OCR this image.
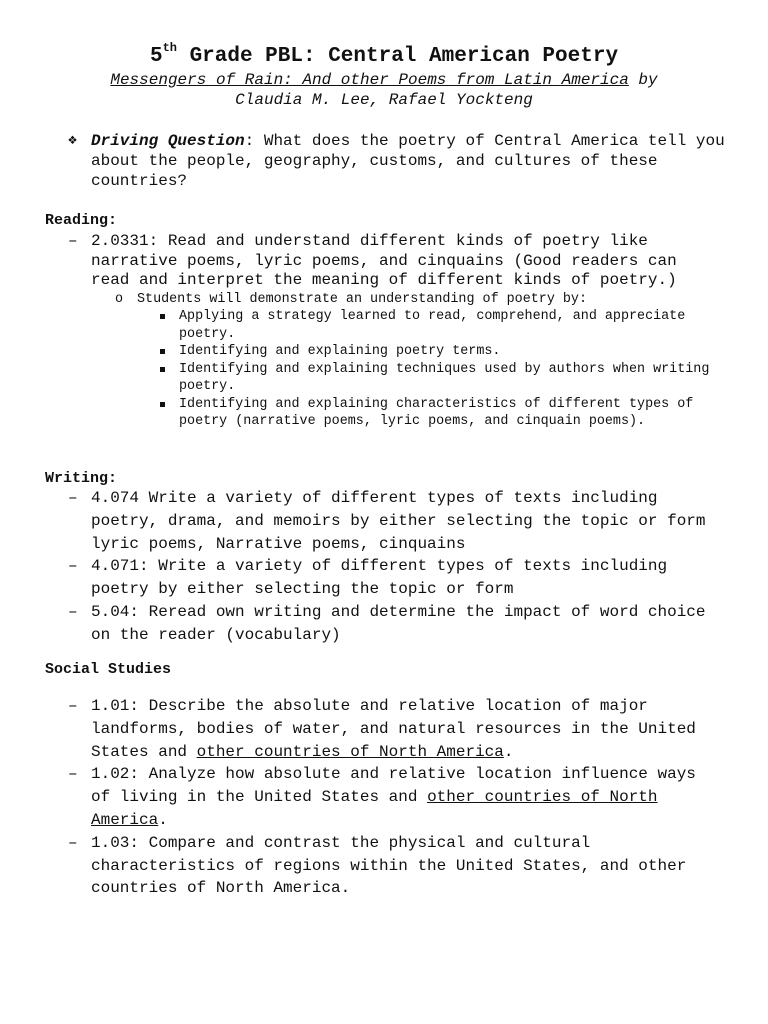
5th Grade PBL: Central American Poetry
Messengers of Rain: And other Poems from Latin America by
Claudia M. Lee, Rafael Yockteng
❖ Driving Question: What does the poetry of Central America tell you about the people, geography, customs, and cultures of these countries?
Reading:
– 2.0331: Read and understand different kinds of poetry like narrative poems, lyric poems, and cinquains (Good readers can read and interpret the meaning of different kinds of poetry.)
o Students will demonstrate an understanding of poetry by:
Applying a strategy learned to read, comprehend, and appreciate poetry.
Identifying and explaining poetry terms.
Identifying and explaining techniques used by authors when writing poetry.
Identifying and explaining characteristics of different types of poetry (narrative poems, lyric poems, and cinquain poems).
Writing:
– 4.074 Write a variety of different types of texts including poetry, drama, and memoirs by either selecting the topic or form lyric poems, Narrative poems, cinquains
– 4.071: Write a variety of different types of texts including poetry by either selecting the topic or form
– 5.04: Reread own writing and determine the impact of word choice on the reader (vocabulary)
Social Studies
– 1.01: Describe the absolute and relative location of major landforms, bodies of water, and natural resources in the United States and other countries of North America.
– 1.02: Analyze how absolute and relative location influence ways of living in the United States and other countries of North America.
– 1.03: Compare and contrast the physical and cultural characteristics of regions within the United States, and other countries of North America.
